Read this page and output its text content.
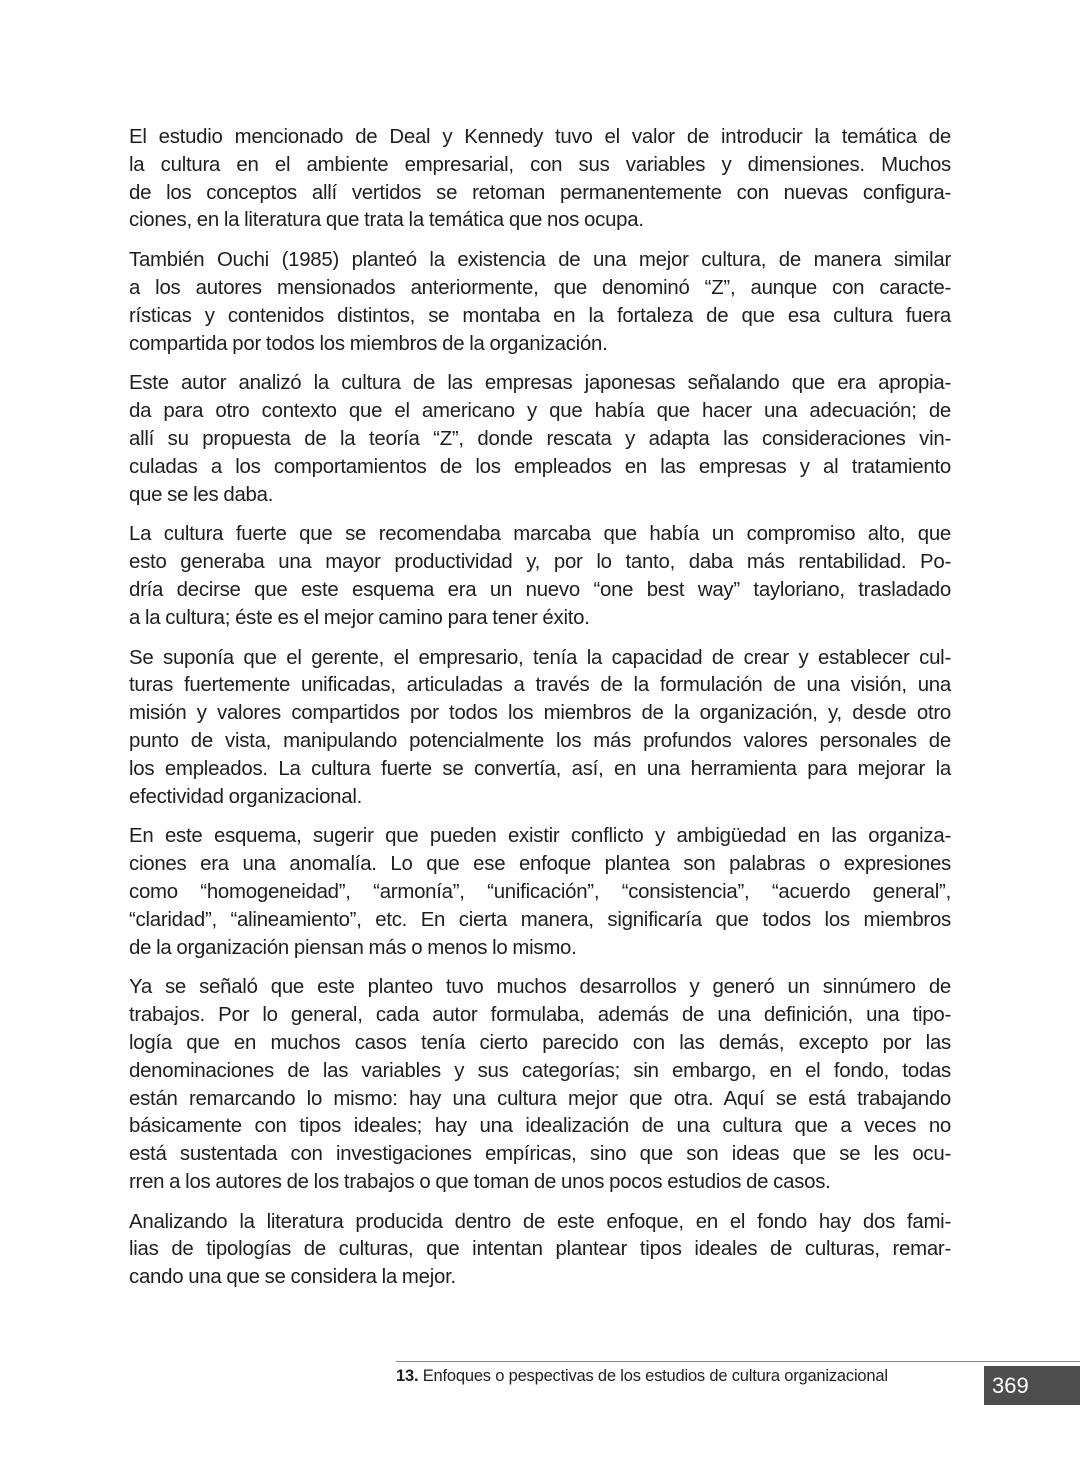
El estudio mencionado de Deal y Kennedy tuvo el valor de introducir la temática de
la cultura en el ambiente empresarial, con sus variables y dimensiones. Muchos
de los conceptos allí vertidos se retoman permanentemente con nuevas configura-
ciones, en la literatura que trata la temática que nos ocupa.
También Ouchi (1985) planteó la existencia de una mejor cultura, de manera similar
a los autores mensionados anteriormente, que denominó “Z”, aunque con caracte-
rísticas y contenidos distintos, se montaba en la fortaleza de que esa cultura fuera
compartida por todos los miembros de la organización.
Este autor analizó la cultura de las empresas japonesas señalando que era apropia-
da para otro contexto que el americano y que había que hacer una adecuación; de
allí su propuesta de la teoría “Z”, donde rescata y adapta las consideraciones vin-
culadas a los comportamientos de los empleados en las empresas y al tratamiento
que se les daba.
La cultura fuerte que se recomendaba marcaba que había un compromiso alto, que
esto generaba una mayor productividad y, por lo tanto, daba más rentabilidad. Po-
dría decirse que este esquema era un nuevo “one best way” tayloriano, trasladado
a la cultura; éste es el mejor camino para tener éxito.
Se suponía que el gerente, el empresario, tenía la capacidad de crear y establecer cul-
turas fuertemente unificadas, articuladas a través de la formulación de una visión, una
misión y valores compartidos por todos los miembros de la organización, y, desde otro
punto de vista, manipulando potencialmente los más profundos valores personales de
los empleados. La cultura fuerte se convertía, así, en una herramienta para mejorar la
efectividad organizacional.
En este esquema, sugerir que pueden existir conflicto y ambigüedad en las organiza-
ciones era una anomalía. Lo que ese enfoque plantea son palabras o expresiones
como “homogeneidad”, “armonía”, “unificación”, “consistencia”, “acuerdo general”,
“claridad”, “alineamiento”, etc. En cierta manera, significaría que todos los miembros
de la organización piensan más o menos lo mismo.
Ya se señaló que este planteo tuvo muchos desarrollos y generó un sinnúmero de
trabajos. Por lo general, cada autor formulaba, además de una definición, una tipo-
logía que en muchos casos tenía cierto parecido con las demás, excepto por las
denominaciones de las variables y sus categorías; sin embargo, en el fondo, todas
están remarcando lo mismo: hay una cultura mejor que otra. Aquí se está trabajando
básicamente con tipos ideales; hay una idealización de una cultura que a veces no
está sustentada con investigaciones empíricas, sino que son ideas que se les ocu-
rren a los autores de los trabajos o que toman de unos pocos estudios de casos.
Analizando la literatura producida dentro de este enfoque, en el fondo hay dos fami-
lias de tipologías de culturas, que intentan plantear tipos ideales de culturas, remar-
cando una que se considera la mejor.
13. Enfoques o pespectivas de los estudios de cultura organizacional	369
